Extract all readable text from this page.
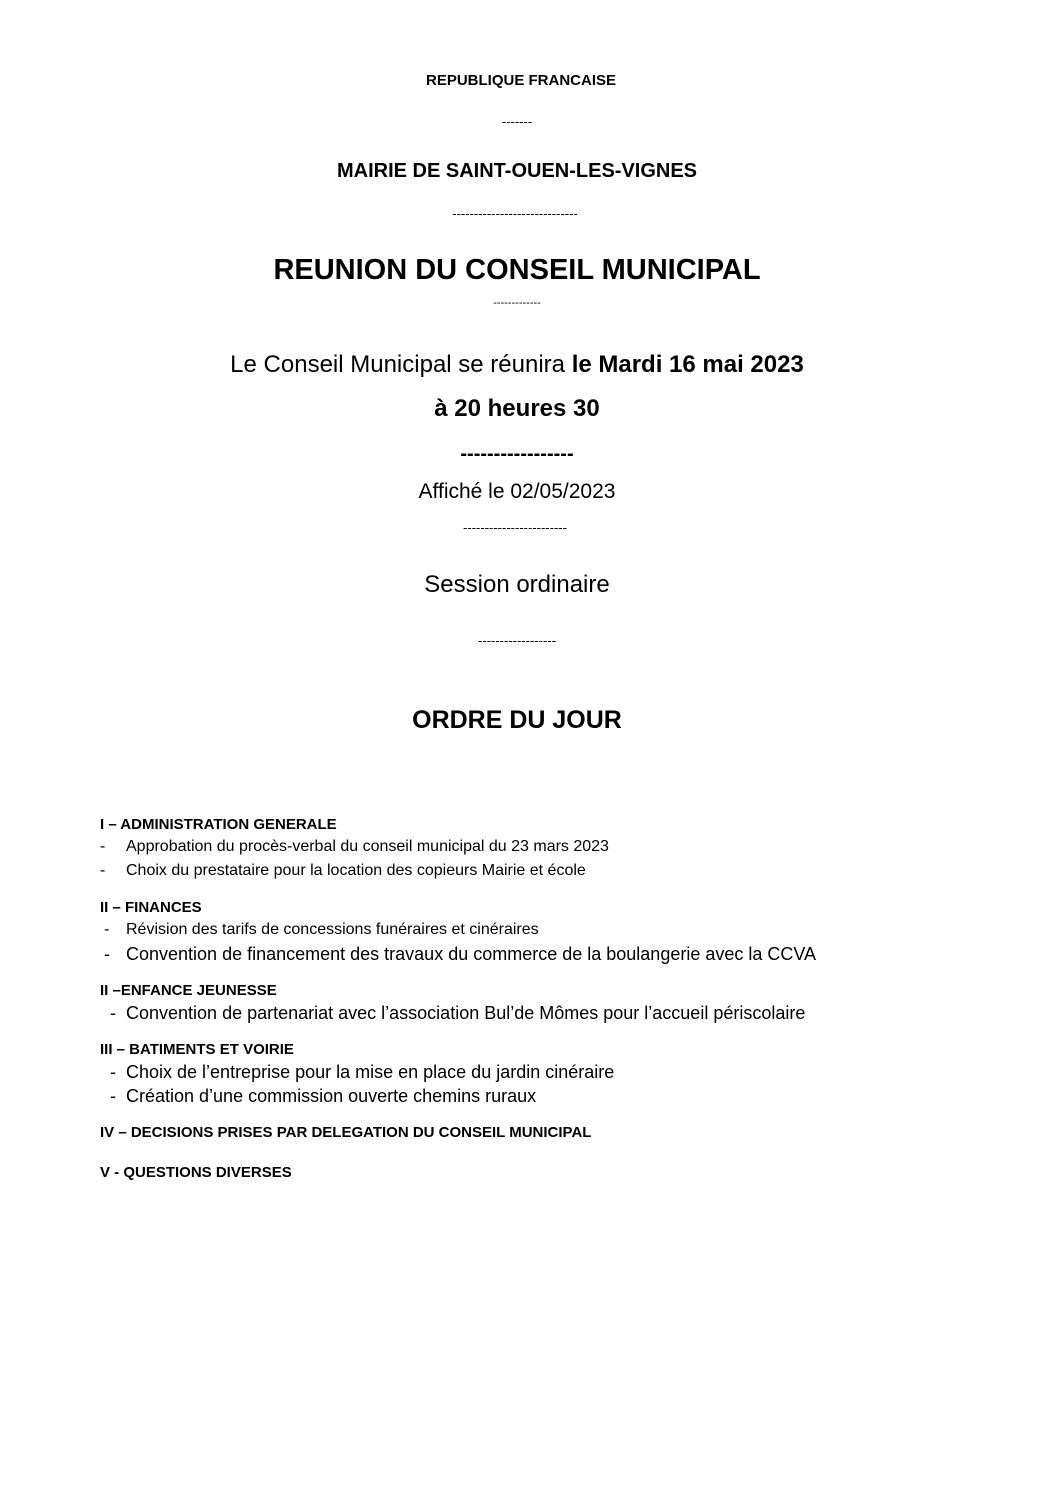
REPUBLIQUE FRANCAISE
-------
MAIRIE DE SAINT-OUEN-LES-VIGNES
-----------------------------
REUNION DU CONSEIL MUNICIPAL
-------------
Le Conseil Municipal se réunira le Mardi 16 mai 2023
à 20 heures 30
-----------------
Affiché le 02/05/2023
------------------------
Session ordinaire
------------------
ORDRE DU JOUR
I – ADMINISTRATION GENERALE
- Approbation du procès-verbal du conseil municipal du 23 mars 2023
- Choix du prestataire pour la location des copieurs Mairie et école
II – FINANCES
- Révision des tarifs de concessions funéraires et cinéraires
- Convention de financement des travaux du commerce de la boulangerie avec la CCVA
II –ENFANCE JEUNESSE
- Convention de partenariat avec l’association Bul’de Mômes pour l’accueil périscolaire
III – BATIMENTS ET VOIRIE
- Choix de l’entreprise pour la mise en place du jardin cinéraire
- Création d’une commission ouverte chemins ruraux
IV – DECISIONS PRISES PAR DELEGATION DU CONSEIL MUNICIPAL
V - QUESTIONS DIVERSES
